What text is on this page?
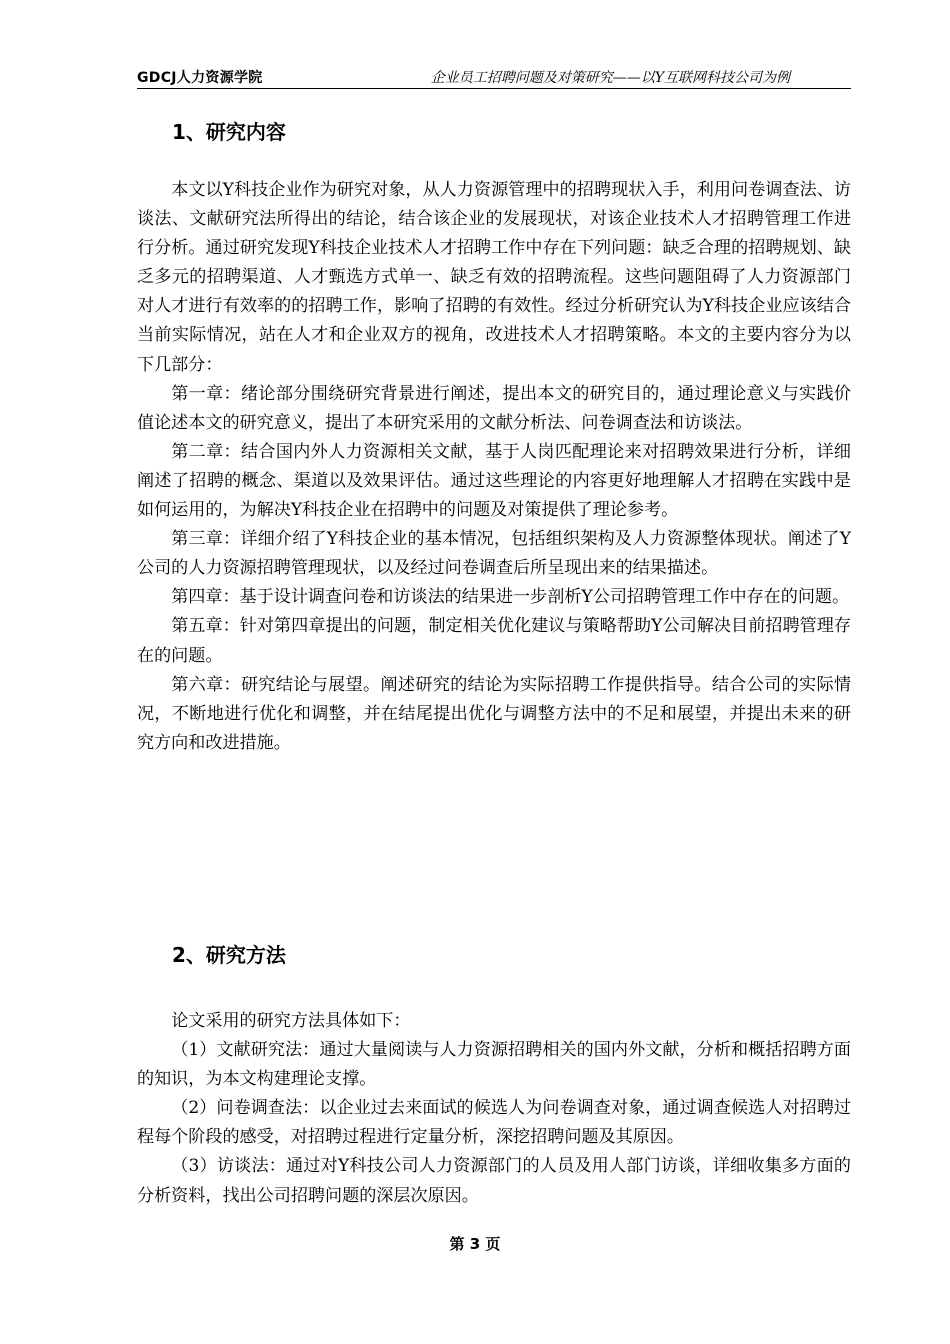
GDCJ人力资源学院	企业员工招聘问题及对策研究——以Y互联网科技公司为例
1、研究内容

本文以Y科技企业作为研究对象，从人力资源管理中的招聘现状入手，利用问卷调查法、访谈法、文献研究法所得出的结论，结合该企业的发展现状，对该企业技术人才招聘管理工作进行分析。通过研究发现Y科技企业技术人才招聘工作中存在下列问题：缺乏合理的招聘规划、缺乏多元的招聘渠道、人才甄选方式单一、缺乏有效的招聘流程。这些问题阻碍了人力资源部门对人才进行有效率的的招聘工作，影响了招聘的有效性。经过分析研究认为Y科技企业应该结合当前实际情况，站在人才和企业双方的视角，改进技术人才招聘策略。本文的主要内容分为以下几部分：

第一章：绪论部分围绕研究背景进行阐述，提出本文的研究目的，通过理论意义与实践价值论述本文的研究意义，提出了本研究采用的文献分析法、问卷调查法和访谈法。

第二章：结合国内外人力资源相关文献，基于人岗匹配理论来对招聘效果进行分析，详细阐述了招聘的概念、渠道以及效果评估。通过这些理论的内容更好地理解人才招聘在实践中是如何运用的，为解决Y科技企业在招聘中的问题及对策提供了理论参考。

第三章：详细介绍了Y科技企业的基本情况，包括组织架构及人力资源整体现状。阐述了Y公司的人力资源招聘管理现状，以及经过问卷调查后所呈现出来的结果描述。

第四章：基于设计调查问卷和访谈法的结果进一步剖析Y公司招聘管理工作中存在的问题。

第五章：针对第四章提出的问题，制定相关优化建议与策略帮助Y公司解决目前招聘管理存在的问题。

第六章：研究结论与展望。阐述研究的结论为实际招聘工作提供指导。结合公司的实际情况，不断地进行优化和调整，并在结尾提出优化与调整方法中的不足和展望，并提出未来的研究方向和改进措施。

2、研究方法

论文采用的研究方法具体如下：

（1）文献研究法：通过大量阅读与人力资源招聘相关的国内外文献，分析和概括招聘方面的知识，为本文构建理论支撑。

（2）问卷调查法：以企业过去来面试的候选人为问卷调查对象，通过调查候选人对招聘过程每个阶段的感受，对招聘过程进行定量分析，深挖招聘问题及其原因。

（3）访谈法：通过对Y科技公司人力资源部门的人员及用人部门访谈，详细收集多方面的分析资料，找出公司招聘问题的深层次原因。

第 3 页
